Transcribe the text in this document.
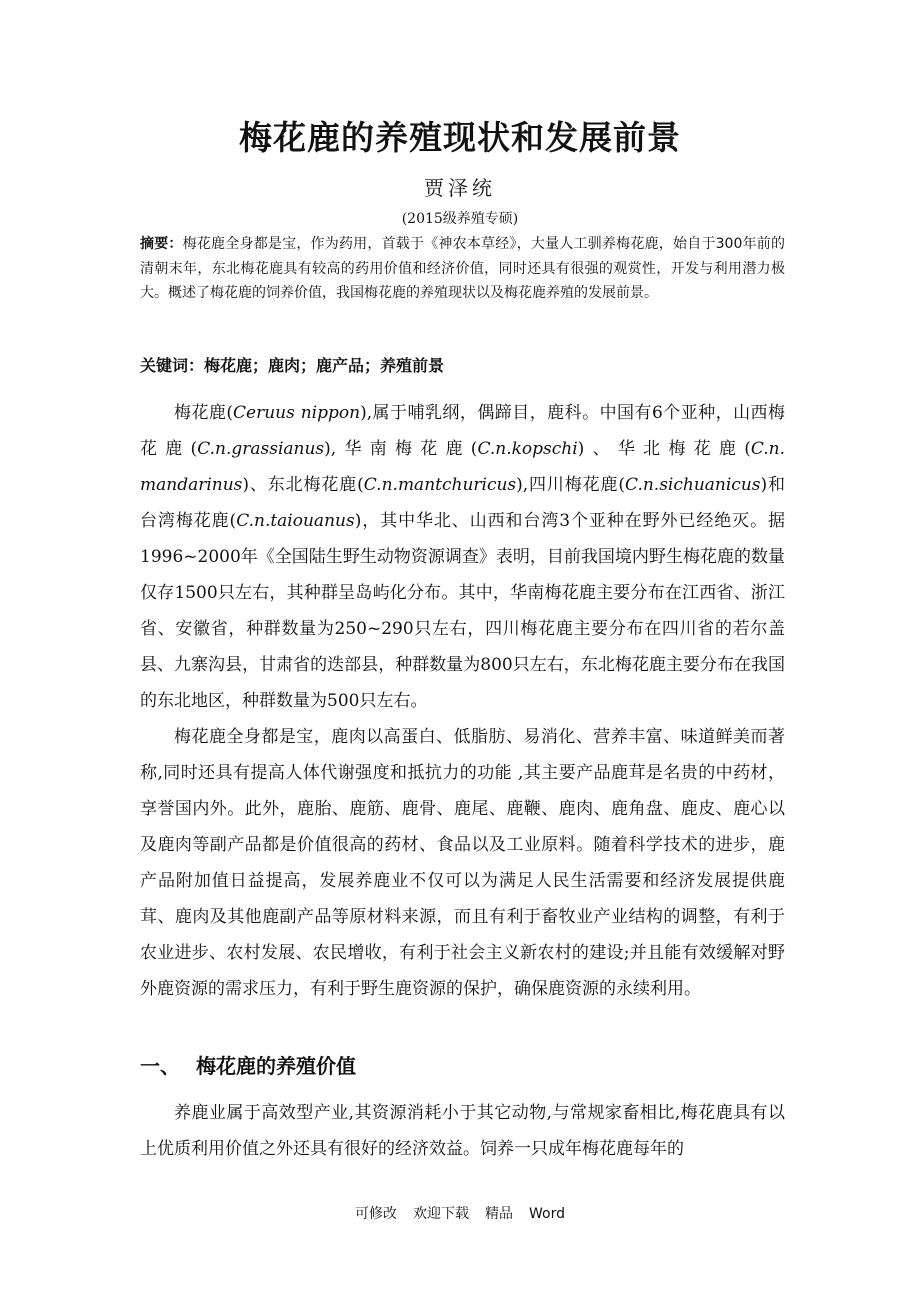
梅花鹿的养殖现状和发展前景
贾泽统
(2015级养殖专硕)
摘要：梅花鹿全身都是宝，作为药用，首载于《神农本草经》，大量人工驯养梅花鹿，始自于300年前的清朝末年，东北梅花鹿具有较高的药用价值和经济价值，同时还具有很强的观赏性，开发与利用潜力极大。概述了梅花鹿的饲养价值，我国梅花鹿的养殖现状以及梅花鹿养殖的发展前景。
关键词：梅花鹿；鹿肉；鹿产品；养殖前景
梅花鹿(Ceruus nippon),属于哺乳纲，偶蹄目，鹿科。中国有6个亚种，山西梅花鹿(C.n.grassianus),华南梅花鹿(C.n.kopschi)、华北梅花鹿(C.n. mandarinus)、东北梅花鹿(C.n.mantchuricus),四川梅花鹿(C.n.sichuanicus)和台湾梅花鹿(C.n.taiouanus)，其中华北、山西和台湾3个亚种在野外已经绝灭。据1996~2000年《全国陆生野生动物资源调查》表明，目前我国境内野生梅花鹿的数量仅存1500只左右，其种群呈岛屿化分布。其中，华南梅花鹿主要分布在江西省、浙江省、安徽省，种群数量为250~290只左右，四川梅花鹿主要分布在四川省的若尔盖县、九寨沟县，甘肃省的迭部县，种群数量为800只左右，东北梅花鹿主要分布在我国的东北地区，种群数量为500只左右。
梅花鹿全身都是宝，鹿肉以高蛋白、低脂肪、易消化、营养丰富、味道鲜美而著称,同时还具有提高人体代谢强度和抵抗力的功能 ,其主要产品鹿茸是名贵的中药材，享誉国内外。此外，鹿胎、鹿筋、鹿骨、鹿尾、鹿鞭、鹿肉、鹿角盘、鹿皮、鹿心以及鹿肉等副产品都是价值很高的药材、食品以及工业原料。随着科学技术的进步，鹿产品附加值日益提高，发展养鹿业不仅可以为满足人民生活需要和经济发展提供鹿茸、鹿肉及其他鹿副产品等原材料来源，而且有利于畜牧业产业结构的调整，有利于农业进步、农村发展、农民增收，有利于社会主义新农村的建设;并且能有效缓解对野外鹿资源的需求压力，有利于野生鹿资源的保护，确保鹿资源的永续利用。
一、 梅花鹿的养殖价值
养鹿业属于高效型产业,其资源消耗小于其它动物,与常规家畜相比,梅花鹿具有以上优质利用价值之外还具有很好的经济效益。饲养一只成年梅花鹿每年的
可修改 欢迎下载 精品 Word
